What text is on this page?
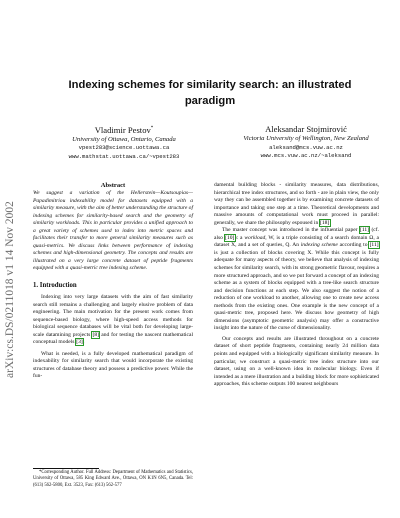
arXiv:cs.DS/0211018 v1 14 Nov 2002
Indexing schemes for similarity search: an illustrated
paradigm
Vladimir Pestov*
University of Ottawa, Ontario, Canada
vpest283@science.uottawa.ca
www.mathstat.uottawa.ca/~vpest283
Aleksandar Stojmirović
Victoria University of Wellington, New Zealand
aleksand@mcs.vuw.ac.nz
www.mcs.vuw.ac.nz/~aleksand
Abstract
We suggest a variation of the Hellerstein—Koutsoupias—Papadimitriou indexability model for datasets equipped with a similarity measure, with the aim of better understanding the structure of indexing schemes for similarity-based search and the geometry of similarity workloads. This in particular provides a unified approach to a great variety of schemes used to index into metric spaces and facilitates their transfer to more general similarity measures such as quasi-metrics. We discuss links between performance of indexing schemes and high-dimensional geometry. The concepts and results are illustrated on a very large concrete dataset of peptide fragments equipped with a quasi-metric tree indexing scheme.
1. Introduction
Indexing into very large datasets with the aim of fast similarity search still remains a challenging and largely elusive problem of data engineering. The main motivation for the present work comes from sequence-based biology, where high-speed access methods for biological sequence databases will be vital both for developing large-scale datamining projects [8] and for testing the nascent mathematical conceptual models [3].
What is needed, is a fully developed mathematical paradigm of indexability for similarity search that would incorporate the existing structures of database theory and possess a predictive power. While the fun-
damental building blocks - similarity measures, data distributions, hierarchical tree index structures, and so forth - are in plain view, the only way they can be assembled together is by examining concrete datasets of importance and taking one step at a time. Theoretical developments and massive amounts of computational work must proceed in parallel: generally, we share the philosophy espoused in [18].
The master concept was introduced in the influential paper [11] (cf. also [10]): a workload, W, is a triple consisting of a search domain Ω, a dataset X, and a set of queries, Q. An indexing scheme according to [11] is just a collection of blocks covering X. While this concept is fully adequate for many aspects of theory, we believe that analysis of indexing schemes for similarity search, with its strong geometric flavour, requires a more structured approach, and so we put forward a concept of an indexing scheme as a system of blocks equipped with a tree-like search structure and decision functions at each step. We also suggest the notion of a reduction of one workload to another, allowing one to create new access methods from the existing ones. One example is the new concept of a quasi-metric tree, proposed here. We discuss how geometry of high dimensions (asymptotic geometric analysis) may offer a constructive insight into the nature of the curse of dimensionality.
Our concepts and results are illustrated throughout on a concrete dataset of short peptide fragments, containing nearly 24 million data points and equipped with a biologically significant similarity measure. In particular, we construct a quasi-metric tree index structure into our dataset, using on a well-known idea in molecular biology. Even if intended as a mere illustration and a building block for more sophisticated approaches, this scheme outputs 100 nearest neighbours
*Corresponding Author. Full Address: Department of Mathematics and Statistics, University of Ottawa, 585 King Edward Ave., Ottawa, ON K1N 6N5, Canada. Tel: (613) 562-5800, Ext. 3523, Fax: (613) 562-577
